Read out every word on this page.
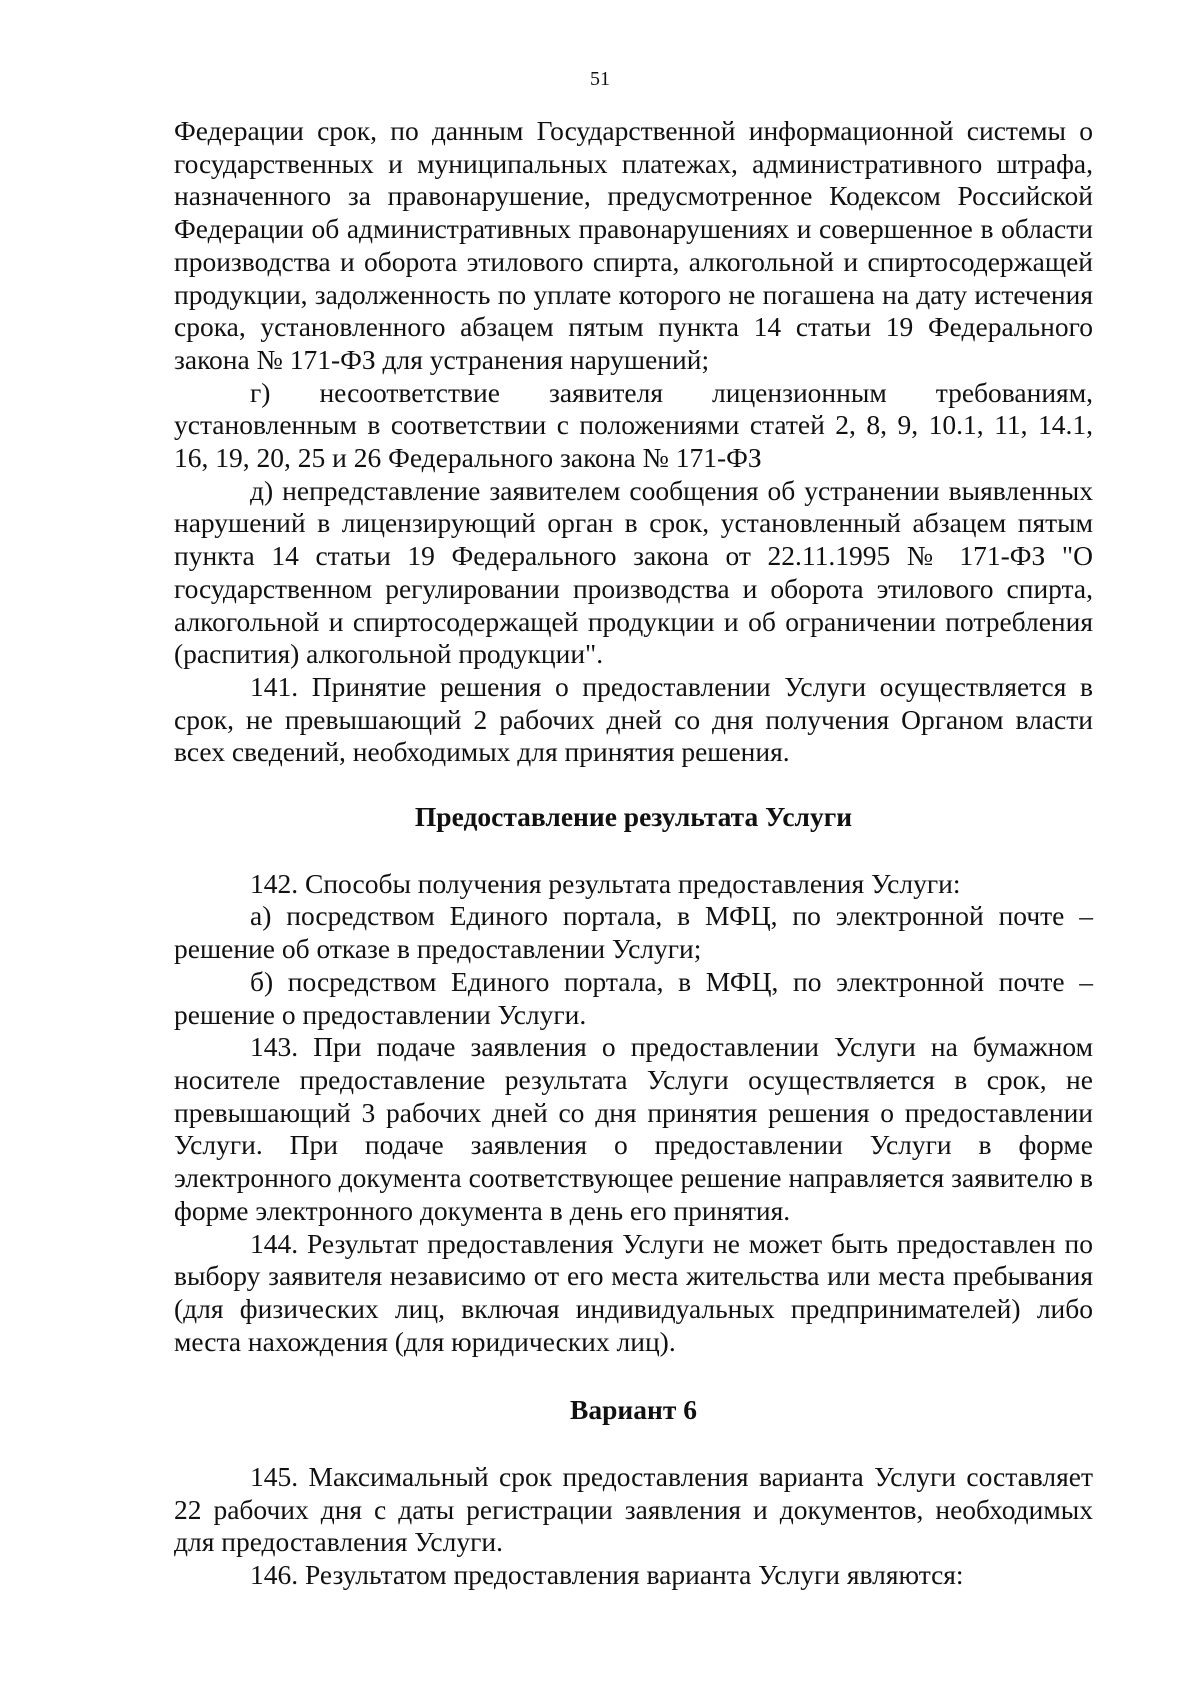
51

Федерации срок, по данным Государственной информационной системы о государственных и муниципальных платежах, административного штрафа, назначенного за правонарушение, предусмотренное Кодексом Российской Федерации об административных правонарушениях и совершенное в области производства и оборота этилового спирта, алкогольной и спиртосодержащей продукции, задолженность по уплате которого не погашена на дату истечения срока, установленного абзацем пятым пункта 14 статьи 19 Федерального закона № 171-ФЗ для устранения нарушений;

г) несоответствие заявителя лицензионным требованиям, установленным в соответствии с положениями статей 2, 8, 9, 10.1, 11, 14.1, 16, 19, 20, 25 и 26 Федерального закона № 171-ФЗ

д) непредставление заявителем сообщения об устранении выявленных нарушений в лицензирующий орган в срок, установленный абзацем пятым пункта 14 статьи 19 Федерального закона от 22.11.1995 № 171-ФЗ "О государственном регулировании производства и оборота этилового спирта, алкогольной и спиртосодержащей продукции и об ограничении потребления (распития) алкогольной продукции".

141. Принятие решения о предоставлении Услуги осуществляется в срок, не превышающий 2 рабочих дней со дня получения Органом власти всех сведений, необходимых для принятия решения.

Предоставление результата Услуги

142. Способы получения результата предоставления Услуги:

а) посредством Единого портала, в МФЦ, по электронной почте – решение об отказе в предоставлении Услуги;

б) посредством Единого портала, в МФЦ, по электронной почте – решение о предоставлении Услуги.

143. При подаче заявления о предоставлении Услуги на бумажном носителе предоставление результата Услуги осуществляется в срок, не превышающий 3 рабочих дней со дня принятия решения о предоставлении Услуги. При подаче заявления о предоставлении Услуги в форме электронного документа соответствующее решение направляется заявителю в форме электронного документа в день его принятия.

144. Результат предоставления Услуги не может быть предоставлен по выбору заявителя независимо от его места жительства или места пребывания (для физических лиц, включая индивидуальных предпринимателей) либо места нахождения (для юридических лиц).

Вариант 6

145. Максимальный срок предоставления варианта Услуги составляет 22 рабочих дня с даты регистрации заявления и документов, необходимых для предоставления Услуги.

146. Результатом предоставления варианта Услуги являются:
